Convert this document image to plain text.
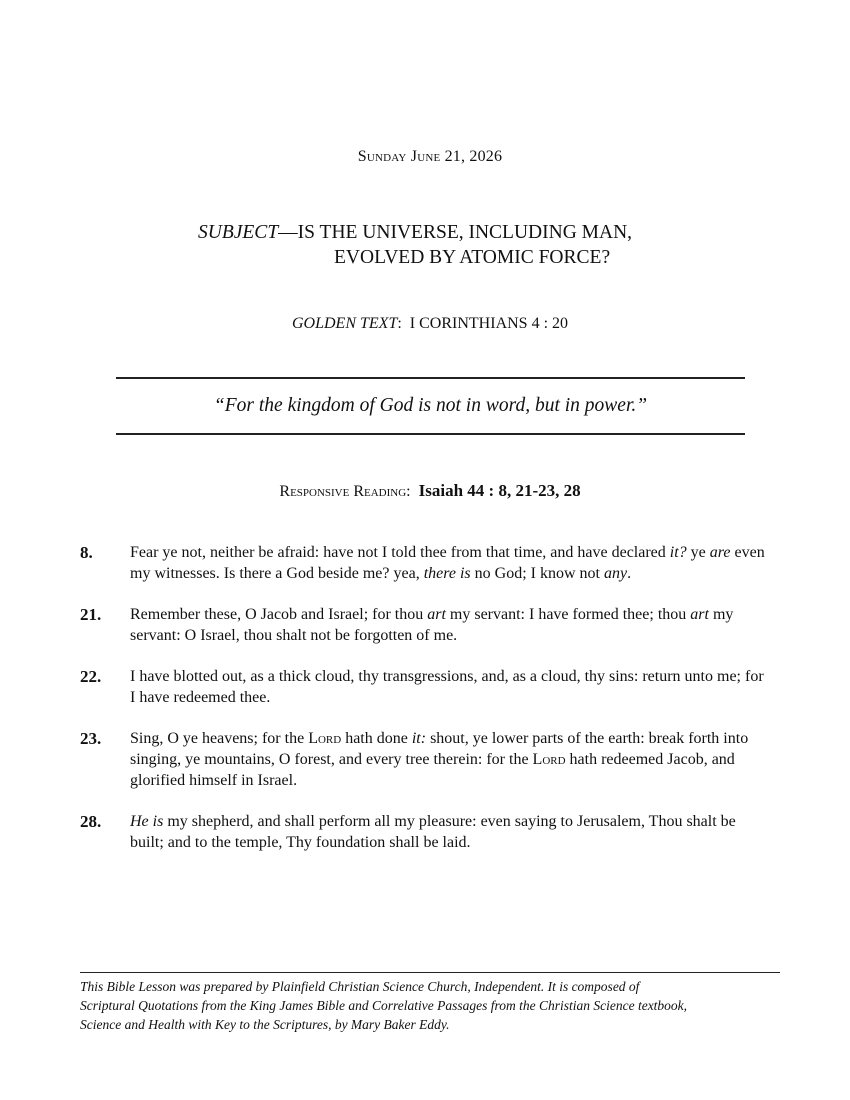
Sunday June 21, 2026
SUBJECT—IS THE UNIVERSE, INCLUDING MAN,
EVOLVED BY ATOMIC FORCE?
GOLDEN TEXT: I CORINTHIANS 4 : 20
“For the kingdom of God is not in word, but in power.”
Responsive Reading: Isaiah 44 : 8, 21-23, 28
8. Fear ye not, neither be afraid: have not I told thee from that time, and have declared it? ye are even my witnesses. Is there a God beside me? yea, there is no God; I know not any.
21. Remember these, O Jacob and Israel; for thou art my servant: I have formed thee; thou art my servant: O Israel, thou shalt not be forgotten of me.
22. I have blotted out, as a thick cloud, thy transgressions, and, as a cloud, thy sins: return unto me; for I have redeemed thee.
23. Sing, O ye heavens; for the Lord hath done it: shout, ye lower parts of the earth: break forth into singing, ye mountains, O forest, and every tree therein: for the Lord hath redeemed Jacob, and glorified himself in Israel.
28. He is my shepherd, and shall perform all my pleasure: even saying to Jerusalem, Thou shalt be built; and to the temple, Thy foundation shall be laid.
This Bible Lesson was prepared by Plainfield Christian Science Church, Independent. It is composed of
Scriptural Quotations from the King James Bible and Correlative Passages from the Christian Science textbook,
Science and Health with Key to the Scriptures, by Mary Baker Eddy.
